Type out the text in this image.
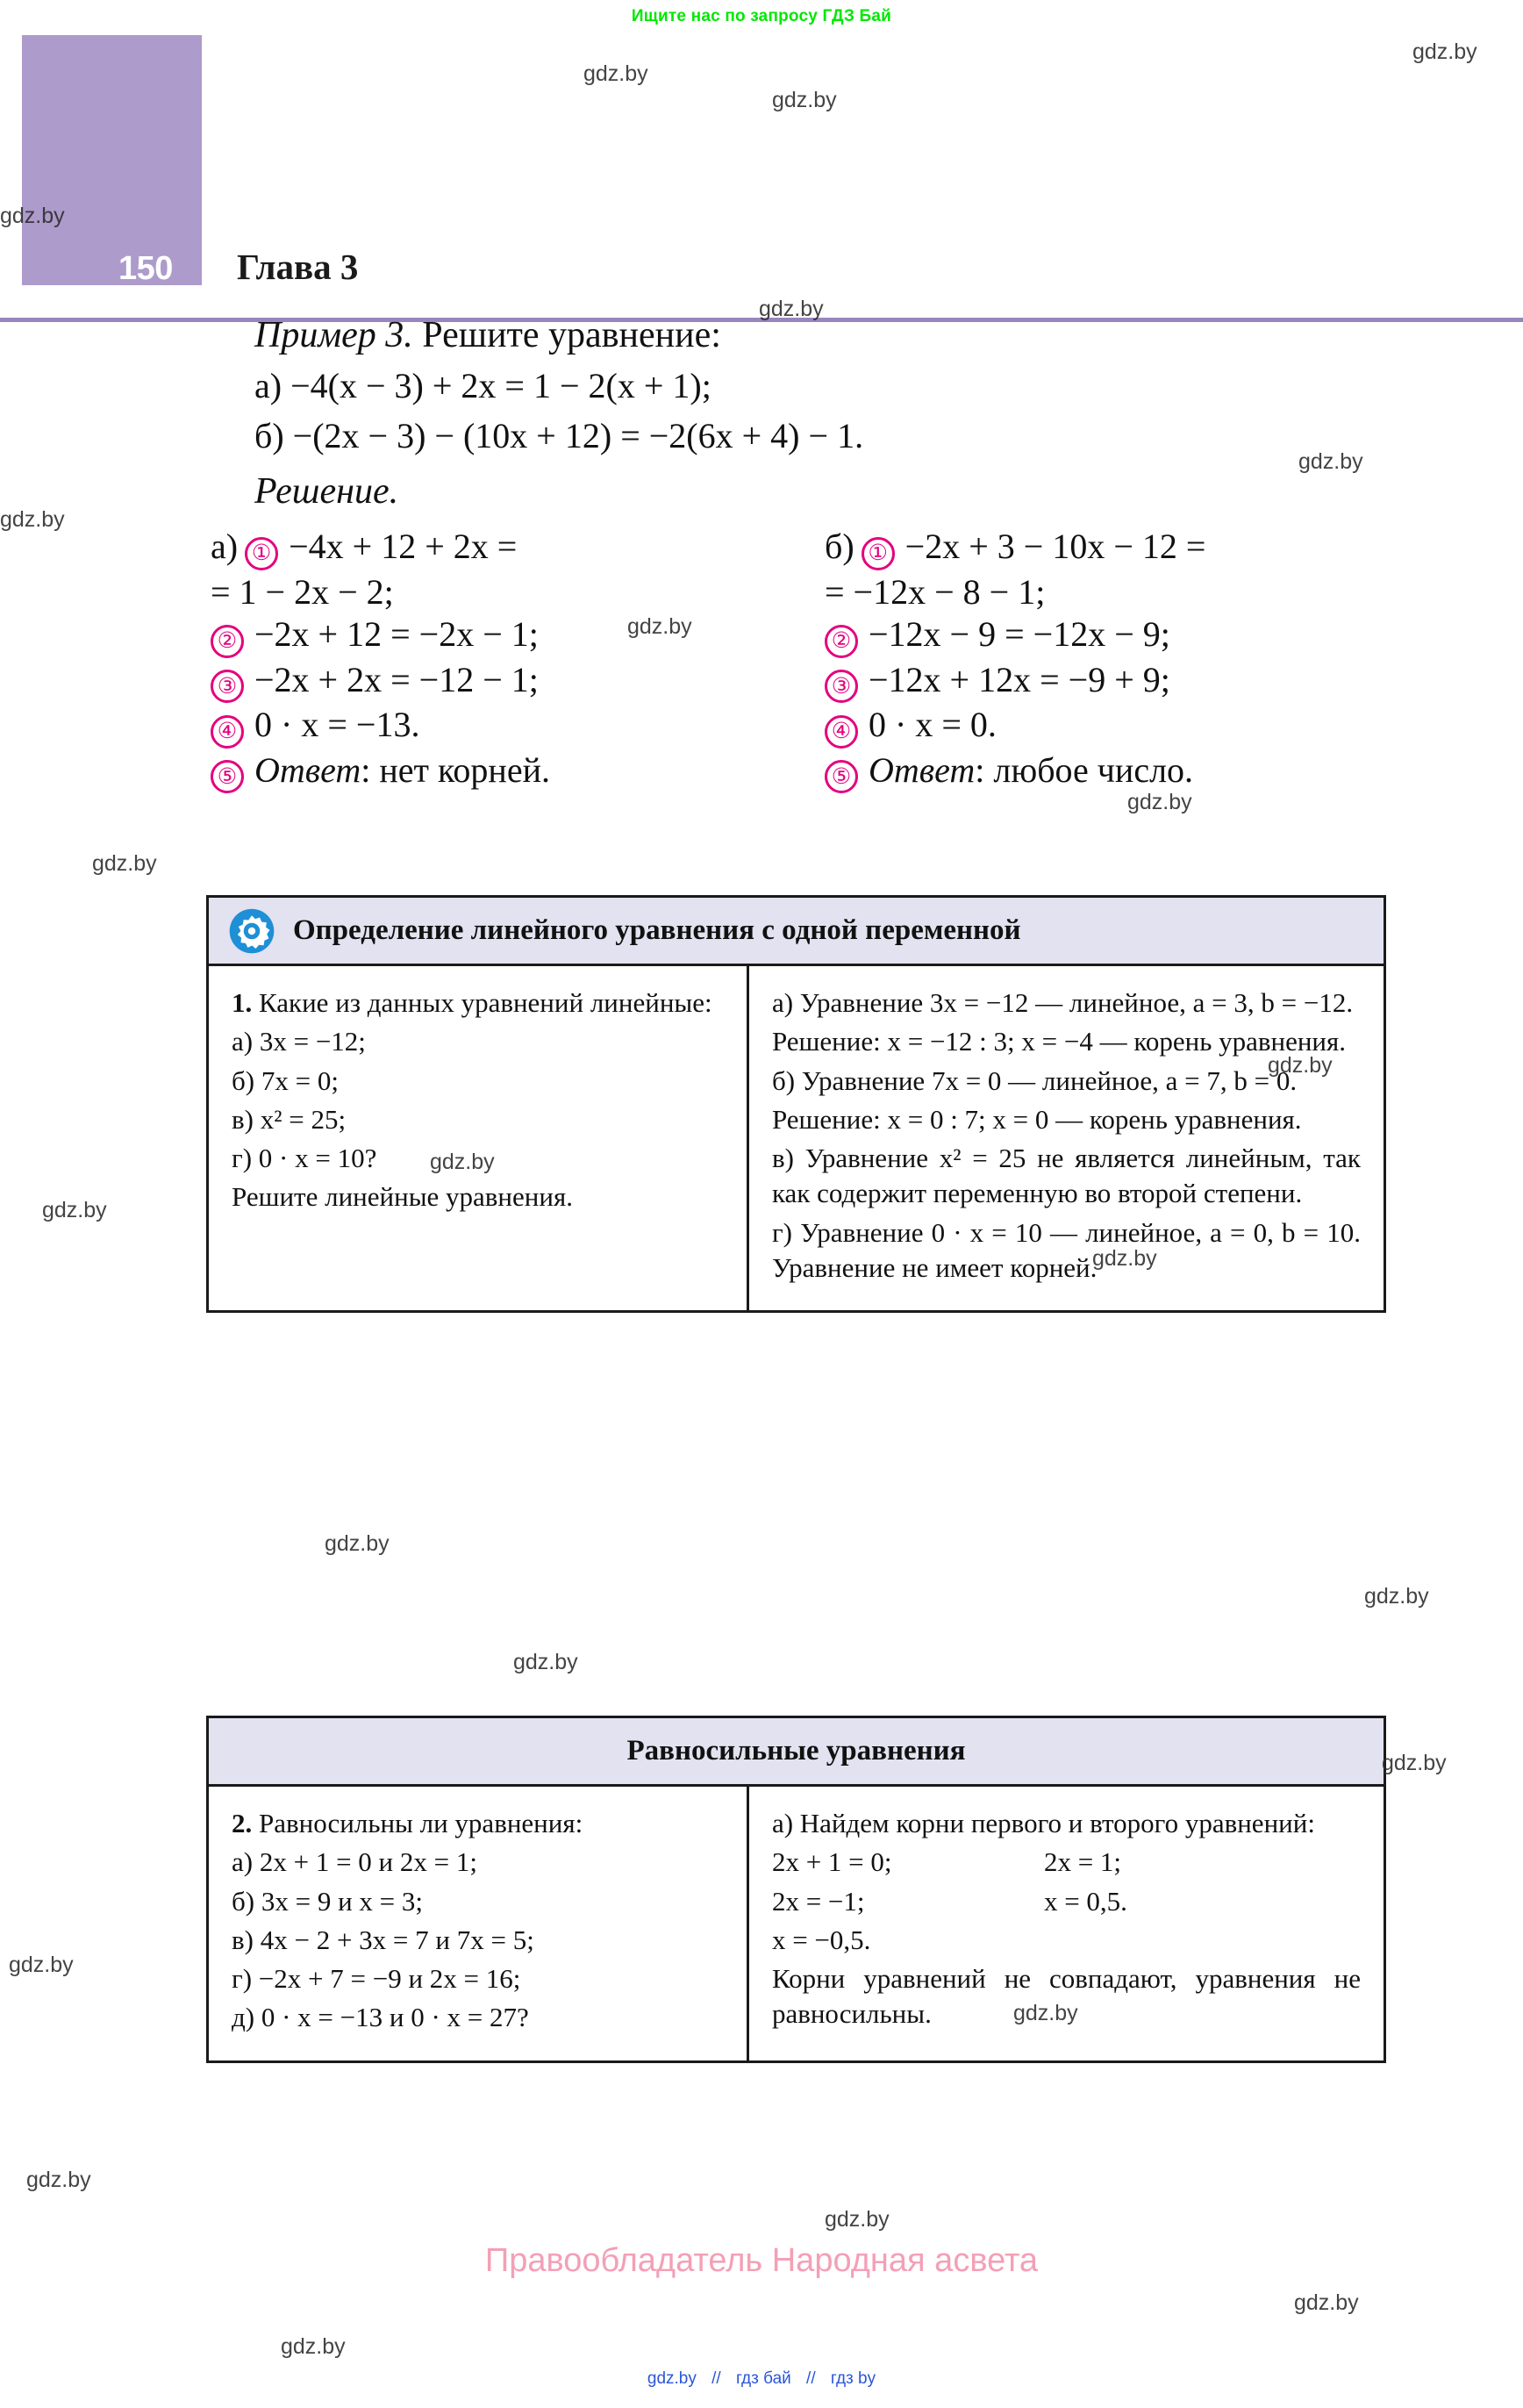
Ищите нас по запросу ГДЗ Бай
150 Глава 3
Пример 3. Решите уравнение:
а) −4(x − 3) + 2x = 1 − 2(x + 1);
б) −(2x − 3) − (10x + 12) = −2(6x + 4) − 1.
Решение.
а) ① −4x + 12 + 2x =
= 1 − 2x − 2;
② −2x + 12 = −2x − 1;
③ −2x + 2x = −12 − 1;
④ 0 · x = −13.
⑤ Ответ : нет корней.
б) ① −2x + 3 − 10x − 12 =
= −12x − 8 − 1;
② −12x − 9 = −12x − 9;
③ −12x + 12x = −9 + 9;
④ 0 · x = 0.
⑤ Ответ : любое число.
Определение линейного уравнения с одной переменной

1. Какие из данных уравнений линейные:

а) 3x = −12;

б) 7x = 0;

в) x² = 25;

г) 0 · x = 10?

Решите линейные уравнения.

а) Уравнение 3x = −12 — линейное, a = 3, b = −12.

Решение: x = −12 : 3; x = −4 — корень уравнения.

б) Уравнение 7x = 0 — линейное, a = 7, b = 0.

Решение: x = 0 : 7; x = 0 — корень уравнения.

в) Уравнение x² = 25 не является линейным, так как содержит переменную во второй степени.

г) Уравнение 0 · x = 10 — линейное, a = 0, b = 10. Уравнение не имеет корней.

Равносильные уравнения

2. Равносильны ли уравнения:

а) 2x + 1 = 0 и 2x = 1;

б) 3x = 9 и x = 3;

в) 4x − 2 + 3x = 7 и 7x = 5;

г) −2x + 7 = −9 и 2x = 16;

д) 0 · x = −13 и 0 · x = 27?

а) Найдем корни первого и второго уравнений:

2x + 1 = 0;	2x = 1;

2x = −1;	x = 0,5.

x = −0,5.

Корни уравнений не совпадают, уравнения не равносильны.

Правообладатель Народная асвета
gdz.by // гдз бай // гдз by
gdz.by
gdz.by
gdz.by
gdz.by
gdz.by
gdz.by
gdz.by
gdz.by
gdz.by
gdz.by
gdz.by
gdz.by
gdz.by
gdz.by
gdz.by
gdz.by
gdz.by
gdz.by
gdz.by
gdz.by
gdz.by
gdz.by
gdz.by
gdz.by
